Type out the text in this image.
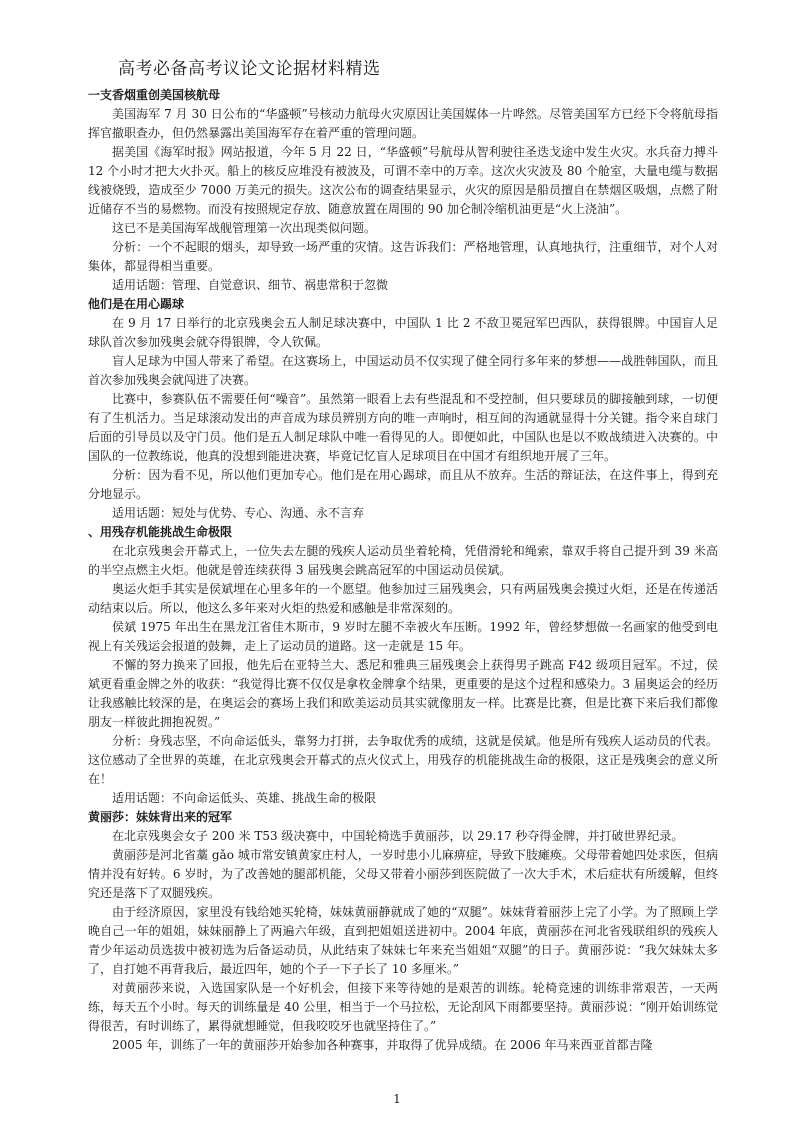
高考必备高考议论文论据材料精选
一支香烟重创美国核航母
美国海军 7 月 30 日公布的“华盛顿”号核动力航母火灾原因让美国媒体一片哗然。尽管美国军方已经下令将航母指挥官撤职查办，但仍然暴露出美国海军存在着严重的管理问题。
据美国《海军时报》网站报道，今年 5 月 22 日，“华盛顿”号航母从智利驶往圣迭戈途中发生火灾。水兵奋力搏斗 12 个小时才把大火扑灭。船上的核反应堆没有被波及，可谓不幸中的万幸。这次火灾波及 80 个舱室，大量电缆与数据线被烧毁，造成至少 7000 万美元的损失。这次公布的调查结果显示，火灾的原因是船员擅自在禁烟区吸烟，点燃了附近储存不当的易燃物。而没有按照规定存放、随意放置在周围的 90 加仑制冷缩机油更是“火上浇油”。
这已不是美国海军战舰管理第一次出现类似问题。
分析：一个不起眼的烟头，却导致一场严重的灾情。这告诉我们：严格地管理，认真地执行，注重细节，对个人对集体，都显得相当重要。
适用话题：管理、自觉意识、细节、祸患常积于忽微
他们是在用心踢球
在 9 月 17 日举行的北京残奥会五人制足球决赛中，中国队 1 比 2 不敌卫冕冠军巴西队，获得银牌。中国盲人足球队首次参加残奥会就夺得银牌，令人钦佩。
盲人足球为中国人带来了希望。在这赛场上，中国运动员不仅实现了健全同行多年来的梦想——战胜韩国队，而且首次参加残奥会就闯进了决赛。
比赛中，参赛队伍不需要任何“噪音”。虽然第一眼看上去有些混乱和不受控制，但只要球员的脚接触到球，一切便有了生机活力。当足球滚动发出的声音成为球员辨别方向的唯一声响时，相互间的沟通就显得十分关键。指令来自球门后面的引导员以及守门员。他们是五人制足球队中唯一看得见的人。即便如此，中国队也是以不败战绩进入决赛的。中国队的一位教练说，他真的没想到能进决赛，毕竟记忆盲人足球项目在中国才有组织地开展了三年。
分析：因为看不见，所以他们更加专心。他们是在用心踢球，而且从不放弃。生活的辩证法，在这件事上，得到充分地显示。
适用话题：短处与优势、专心、沟通、永不言弃
、用残存机能挑战生命极限
在北京残奥会开幕式上，一位失去左腿的残疾人运动员坐着轮椅，凭借滑轮和绳索，靠双手将自己提升到 39 米高的半空点燃主火炬。他就是曾连续获得 3 届残奥会跳高冠军的中国运动员侯斌。
奥运火炬手其实是侯斌埋在心里多年的一个愿望。他参加过三届残奥会，只有两届残奥会摸过火炬，还是在传递活动结束以后。所以，他这么多年来对火炬的热爱和感触是非常深刻的。
侯斌 1975 年出生在黑龙江省佳木斯市，9 岁时左腿不幸被火车压断。1992 年，曾经梦想做一名画家的他受到电视上有关残运会报道的鼓舞，走上了运动员的道路。这一走就是 15 年。
不懈的努力换来了回报，他先后在亚特兰大、悉尼和雅典三届残奥会上获得男子跳高 F42 级项目冠军。不过，侯斌更看重金牌之外的收获：“我觉得比赛不仅仅是拿枚金牌拿个结果，更重要的是这个过程和感染力。3 届奥运会的经历让我感触比较深的是，在奥运会的赛场上我们和欧美运动员其实就像朋友一样。比赛是比赛，但是比赛下来后我们都像朋友一样彼此拥抱祝贺。”
分析：身残志坚，不向命运低头，靠努力打拼，去争取优秀的成绩，这就是侯斌。他是所有残疾人运动员的代表。这位感动了全世界的英雄，在北京残奥会开幕式的点火仪式上，用残存的机能挑战生命的极限，这正是残奥会的意义所在！
适用话题：不向命运低头、英雄、挑战生命的极限
黄丽莎：妹妹背出来的冠军
在北京残奥会女子 200 米 T53 级决赛中，中国轮椅选手黄丽莎，以 29.17 秒夺得金牌，并打破世界纪录。
黄丽莎是河北省藁 gǎo 城市常安镇黄家庄村人，一岁时患小儿麻痹症，导致下肢瘫痪。父母带着她四处求医，但病情并没有好转。6 岁时，为了改善她的腿部机能，父母又带着小丽莎到医院做了一次大手术，术后症状有所缓解，但终究还是落下了双腿残疾。
由于经济原因，家里没有钱给她买轮椅，妹妹黄丽静就成了她的“双腿”。妹妹背着丽莎上完了小学。为了照顾上学晚自己一年的姐姐，妹妹丽静上了两遍六年级，直到把姐姐送进初中。2004 年底，黄丽莎在河北省残联组织的残疾人青少年运动员选拔中被初选为后备运动员，从此结束了妹妹七年来充当姐姐“双腿”的日子。黄丽莎说：“我欠妹妹太多了，自打她不再背我后，最近四年，她的个子一下子长了 10 多厘米。”
对黄丽莎来说，入选国家队是一个好机会，但接下来等待她的是艰苦的训练。轮椅竞速的训练非常艰苦，一天两练，每天五个小时。每天的训练量是 40 公里，相当于一个马拉松，无论刮风下雨都要坚持。黄丽莎说：“刚开始训练觉得很苦，有时训练了，累得就想睡觉，但我咬咬牙也就坚持住了。”
2005 年，训练了一年的黄丽莎开始参加各种赛事，并取得了优异成绩。在 2006 年马来西亚首都吉隆
1
